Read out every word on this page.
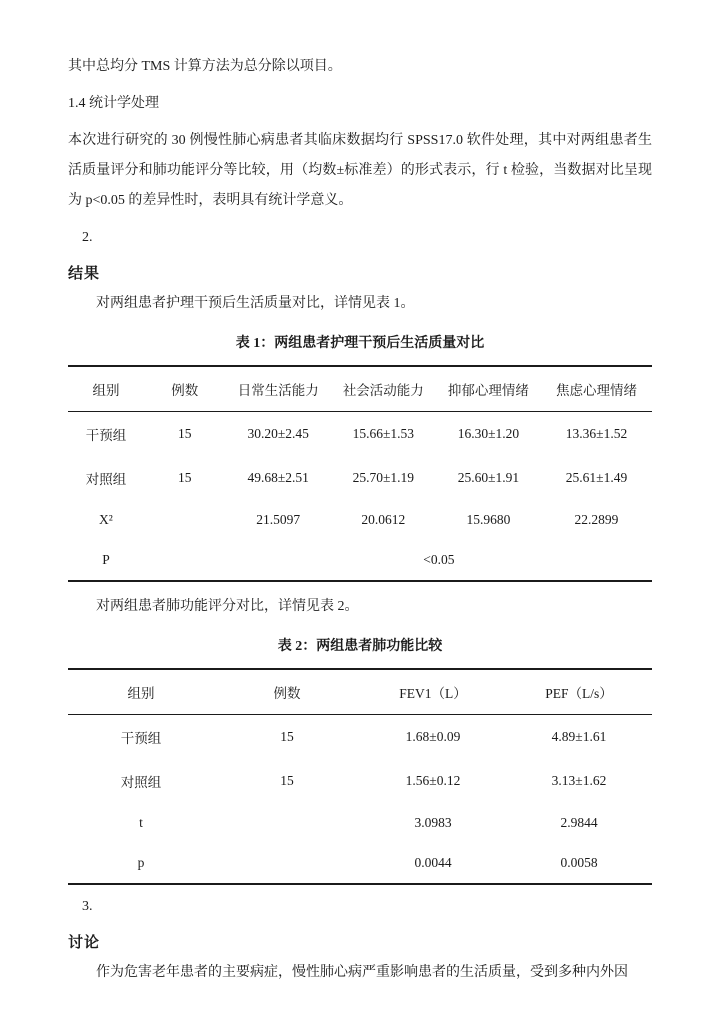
其中总均分 TMS 计算方法为总分除以项目。

1.4 统计学处理

本次进行研究的 30 例慢性肺心病患者其临床数据均行 SPSS17.0 软件处理，其中对两组患者生活质量评分和肺功能评分等比较，用（均数±标准差）的形式表示，行 t 检验，当数据对比呈现为 p<0.05 的差异性时，表明具有统计学意义。

2.

结果

对两组患者护理干预后生活质量对比，详情见表 1。

表 1：两组患者护理干预后生活质量对比

组别	例数	日常生活能力	社会活动能力	抑郁心理情绪	焦虑心理情绪
干预组	15	30.20±2.45	15.66±1.53	16.30±1.20	13.36±1.52
对照组	15	49.68±2.51	25.70±1.19	25.60±1.91	25.61±1.49
X²		21.5097	20.0612	15.9680	22.2899
P		<0.05			

对两组患者肺功能评分对比，详情见表 2。

表 2：两组患者肺功能比较

组别	例数	FEV1（L）	PEF（L/s）
干预组	15	1.68±0.09	4.89±1.61
对照组	15	1.56±0.12	3.13±1.62
t		3.0983	2.9844
p		0.0044	0.0058

3.

讨论

作为危害老年患者的主要病症，慢性肺心病严重影响患者的生活质量，受到多种内外因
